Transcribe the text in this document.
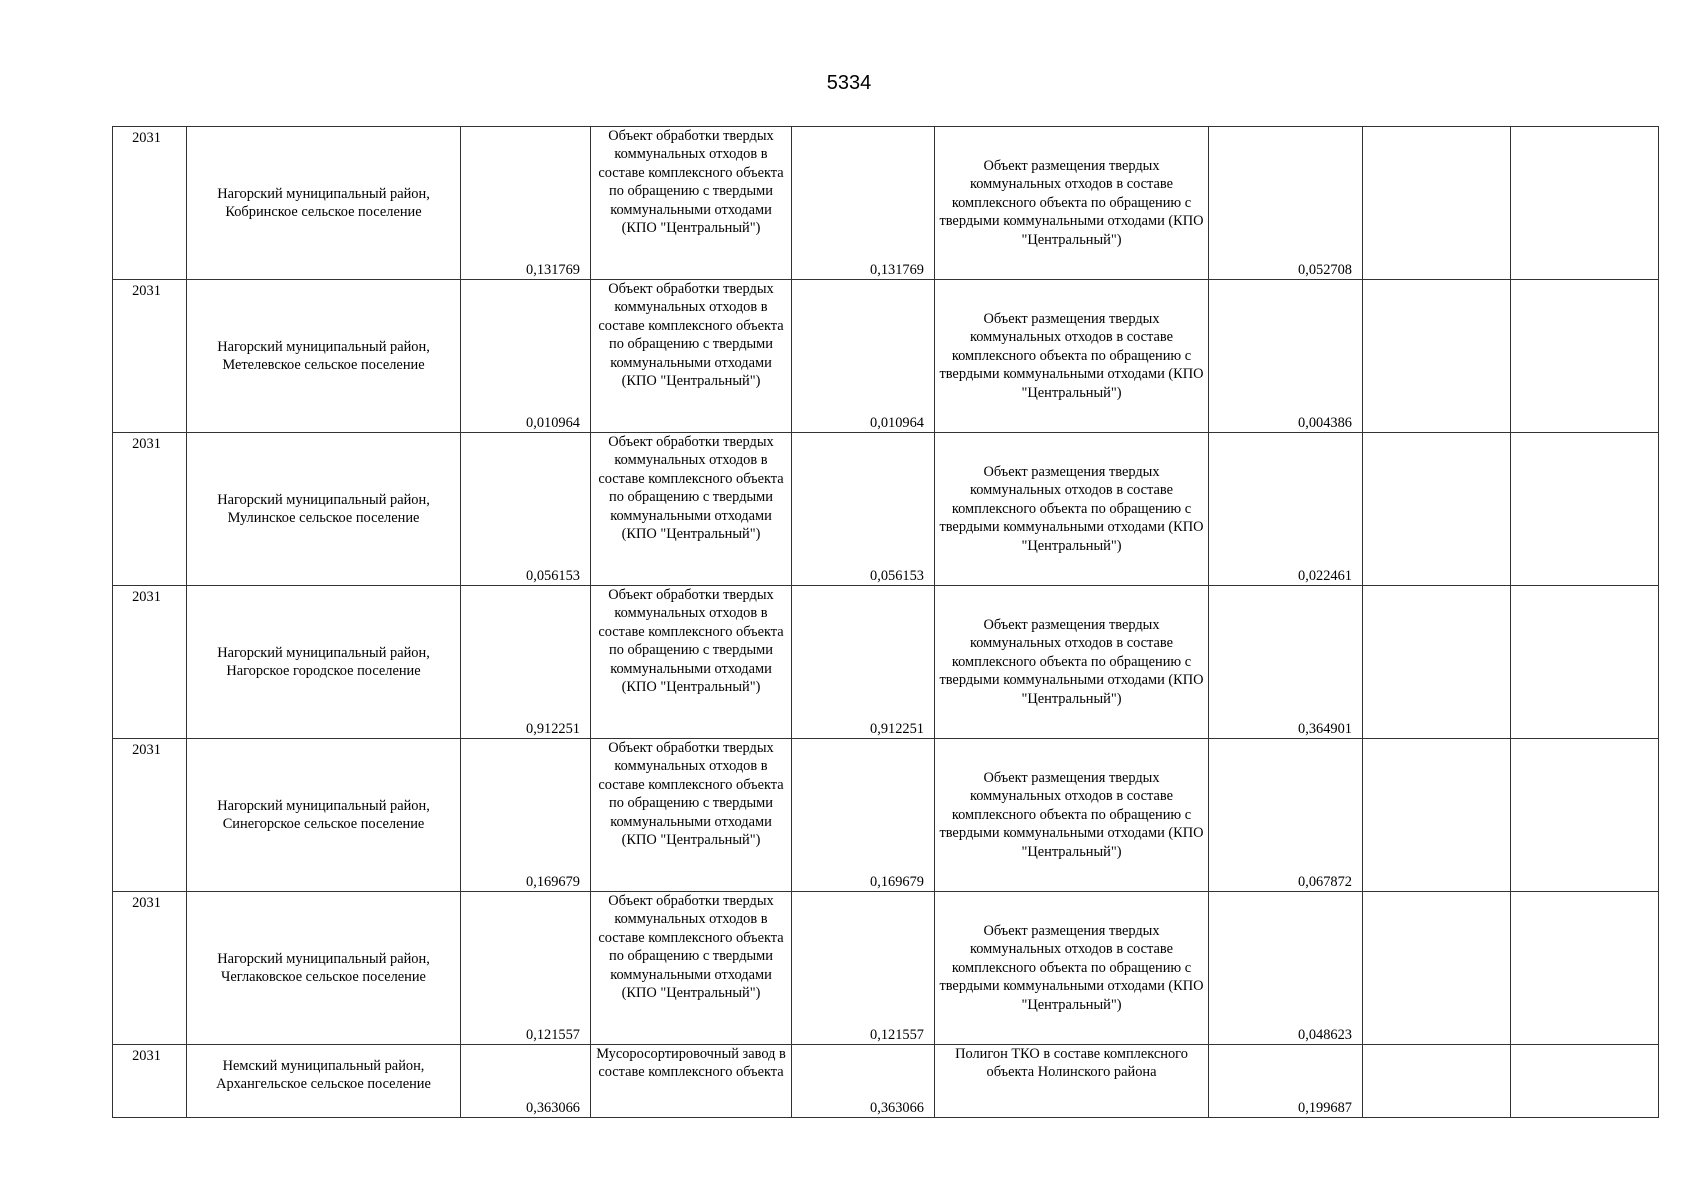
5334
2031	Нагорский муниципальный район, Кобринское сельское поселение	0,131769	Объект обработки твердых коммунальных отходов в составе комплексного объекта по обращению с твердыми коммунальными отходами (КПО "Центральный")	0,131769	Объект размещения твердых коммунальных отходов в составе комплексного объекта по обращению с твердыми коммунальными отходами (КПО "Центральный")	0,052708		

2031	Нагорский муниципальный район, Метелевское сельское поселение	0,010964	Объект обработки твердых коммунальных отходов в составе комплексного объекта по обращению с твердыми коммунальными отходами (КПО "Центральный")	0,010964	Объект размещения твердых коммунальных отходов в составе комплексного объекта по обращению с твердыми коммунальными отходами (КПО "Центральный")	0,004386		

2031	Нагорский муниципальный район, Мулинское сельское поселение	0,056153	Объект обработки твердых коммунальных отходов в составе комплексного объекта по обращению с твердыми коммунальными отходами (КПО "Центральный")	0,056153	Объект размещения твердых коммунальных отходов в составе комплексного объекта по обращению с твердыми коммунальными отходами (КПО "Центральный")	0,022461		

2031	Нагорский муниципальный район, Нагорское городское поселение	0,912251	Объект обработки твердых коммунальных отходов в составе комплексного объекта по обращению с твердыми коммунальными отходами (КПО "Центральный")	0,912251	Объект размещения твердых коммунальных отходов в составе комплексного объекта по обращению с твердыми коммунальными отходами (КПО "Центральный")	0,364901		

2031	Нагорский муниципальный район, Синегорское сельское поселение	0,169679	Объект обработки твердых коммунальных отходов в составе комплексного объекта по обращению с твердыми коммунальными отходами (КПО "Центральный")	0,169679	Объект размещения твердых коммунальных отходов в составе комплексного объекта по обращению с твердыми коммунальными отходами (КПО "Центральный")	0,067872		

2031	Нагорский муниципальный район, Чеглаковское сельское поселение	0,121557	Объект обработки твердых коммунальных отходов в составе комплексного объекта по обращению с твердыми коммунальными отходами (КПО "Центральный")	0,121557	Объект размещения твердых коммунальных отходов в составе комплексного объекта по обращению с твердыми коммунальными отходами (КПО "Центральный")	0,048623		

2031	Немский муниципальный район, Архангельское сельское поселение	0,363066	Мусоросортировочный завод в составе комплексного объекта	0,363066	Полигон ТКО в составе комплексного объекта Нолинского района	0,199687		
